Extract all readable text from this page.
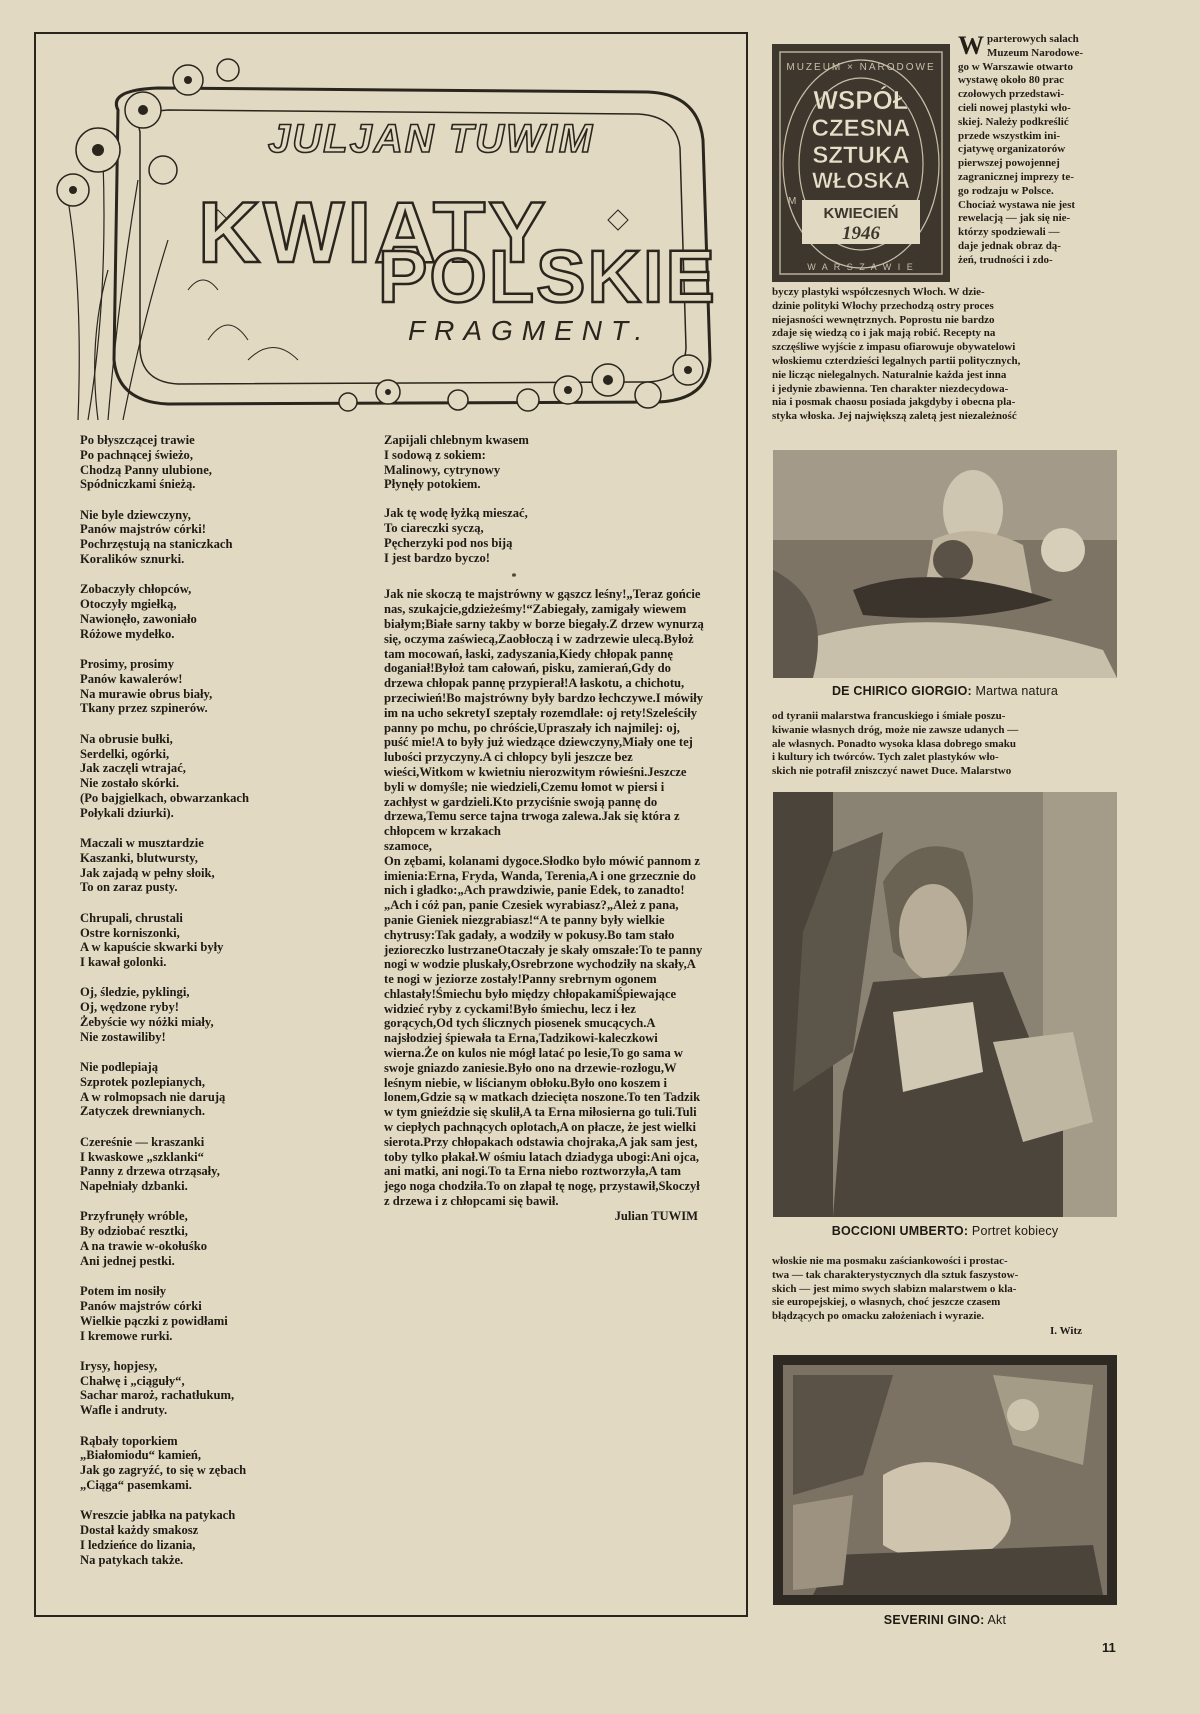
JULJAN TUWIM
KWIATY
POLSKIE
FRAGMENT.
Po błyszczącej trawie
Po pachnącej świeżo,
Chodzą Panny ulubione,
Spódniczkami śnieżą.
Nie byle dziewczyny,
Panów majstrów córki!
Pochrzęstują na staniczkach
Koralików sznurki.
Zobaczyły chłopców,
Otoczyły mgiełką,
Nawionęło, zawoniało
Różowe mydełko.
Prosimy, prosimy
Panów kawalerów!
Na murawie obrus biały,
Tkany przez szpinerów.
Na obrusie bułki,
Serdelki, ogórki,
Jak zaczęli wtrajać,
Nie zostało skórki.
(Po bajgielkach, obwarzankach
Połykali dziurki).
Maczali w musztardzie
Kaszanki, blutwursty,
Jak zajadą w pełny słoik,
To on zaraz pusty.
Chrupali, chrustali
Ostre korniszonki,
A w kapuście skwarki były
I kawał golonki.
Oj, śledzie, pyklingi,
Oj, wędzone ryby!
Żebyście wy nóżki miały,
Nie zostawiliby!
Nie podlepiają
Szprotek pozlepianych,
A w rolmopsach nie darują
Zatyczek drewnianych.
Czereśnie — kraszanki
I kwaskowe „szklanki“
Panny z drzewa otrząsały,
Napełniały dzbanki.
Przyfrunęły wróble,
By odziobać resztki,
A na trawie w-okołuśko
Ani jednej pestki.
Potem im nosiły
Panów majstrów córki
Wielkie pączki z powidłami
I kremowe rurki.
Irysy, hopjesy,
Chałwę i „ciąguły“,
Sachar maroż, rachatłukum,
Wafle i andruty.
Rąbały toporkiem
„Białomiodu“ kamień,
Jak go zagryźć, to się w zębach
„Ciąga“ pasemkami.
Wreszcie jabłka na patykach
Dostał każdy smakosz
I ledzieńce do lizania,
Na patykach także.
Zapijali chlebnym kwasem
I sodową z sokiem:
Malinowy, cytrynowy
Płynęły potokiem.
Jak tę wodę łyżką mieszać,
To ciareczki syczą,
Pęcherzyki pod nos biją
I jest bardzo byczo!
*
Jak nie skoczą te majstrówny w gąszcz leśny!„Teraz gońcie nas, szukajcie,gdzieżeśmy!“Zabiegały, zamigały wiewem białym;Białe sarny takby w borze biegały.Z drzew wynurzą się, oczyma zaświecą,Zaobłoczą i w zadrzewie ulecą.Byłoż tam mocowań, łaski, zadyszania,Kiedy chłopak pannę doganiał!Byłoż tam całowań, pisku, zamierań,Gdy do drzewa chłopak pannę przypierał!A łaskotu, a chichotu, przeciwień!Bo majstrówny były bardzo łechczywe.I mówiły im na ucho sekretyI szeptały rozemdlałe: oj rety!Szeleściły panny po mchu, po chróście,Upraszały ich najmilej: oj, puść mie!A to były już wiedzące dziewczyny,Miały one tej lubości przyczyny.A ci chłopcy byli jeszcze bez wieści,Witkom w kwietniu nierozwitym rówieśni.Jeszcze byli w domyśle; nie wiedzieli,Czemu łomot w piersi i zachłyst w gardzieli.Kto przyciśnie swoją pannę do drzewa,Temu serce tajna trwoga zalewa.Jak się która z chłopcem w krzakach
szamoce,
On zębami, kolanami dygoce.Słodko było mówić pannom z imienia:Erna, Fryda, Wanda, Terenia,A i one grzecznie do nich i gładko:„Ach prawdziwie, panie Edek, to zanadto!„Ach i cóż pan, panie Czesiek wyrabiasz?„Ależ z pana, panie Gieniek niezgrabiasz!“A te panny były wielkie chytrusy:Tak gadały, a wodziły w pokusy.Bo tam stało jezioreczko lustrzaneOtaczały je skały omszałe:To te panny nogi w wodzie pluskały,Osrebrzone wychodziły na skały,A te nogi w jeziorze zostały!Panny srebrnym ogonem chlastały!Śmiechu było między chłopakamiŚpiewające widzieć ryby z cyckami!Było śmiechu, lecz i łez gorących,Od tych ślicznych piosenek smucących.A najsłodziej śpiewała ta Erna,Tadzikowi-kaleczkowi wierna.Że on kulos nie mógł latać po lesie,To go sama w swoje gniazdo zaniesie.Było ono na drzewie-rozłogu,W leśnym niebie, w liścianym obłoku.Było ono koszem i lonem,Gdzie są w matkach dziecięta noszone.To ten Tadzik w tym gnieździe się skulił,A ta Erna miłosierna go tuli.Tuli w ciepłych pachnących oplotach,A on płacze, że jest wielki sierota.Przy chłopakach odstawia chojraka,A jak sam jest, toby tylko płakał.W ośmiu latach dziadyga ubogi:Ani ojca, ani matki, ani nogi.To ta Erna niebo roztworzyła,A tam jego noga chodziła.To on złapał tę nogę, przystawił,Skoczył z drzewa i z chłopcami się bawił.
Julian TUWIM
MUZEUM × NARODOWE
W A R S Z A W I E
M
WSPÓŁ
CZESNA
SZTUKA
WŁOSKA
KWIECIEŃ
1946
W parterowych salach
Muzeum Narodowe-
go w Warszawie otwarto
wystawę około 80 prac
czołowych przedstawi-
cieli nowej plastyki wło-
skiej. Należy podkreślić
przede wszystkim ini-
cjatywę organizatorów
pierwszej powojennej
zagranicznej imprezy te-
go rodzaju w Polsce.
Chociaż wystawa nie jest
rewelacją — jak się nie-
którzy spodziewali —
daje jednak obraz dą-
żeń, trudności i zdo-
byczy plastyki współczesnych Włoch. W dzie-
dzinie polityki Włochy przechodzą ostry proces
niejasności wewnętrznych. Poprostu nie bardzo
zdaje się wiedzą co i jak mają robić. Recepty na
szczęśliwe wyjście z impasu ofiarowuje obywatelowi
włoskiemu czterdzieści legalnych partii politycznych,
nie licząc nielegalnych. Naturalnie każda jest inna
i jedynie zbawienna. Ten charakter niezdecydowa-
nia i posmak chaosu posiada jakgdyby i obecna pla-
styka włoska. Jej największą zaletą jest niezależność
DE CHIRICO GIORGIO: Martwa natura
od tyranii malarstwa francuskiego i śmiałe poszu-
kiwanie własnych dróg, może nie zawsze udanych —
ale własnych. Ponadto wysoka klasa dobrego smaku
i kultury ich twórców. Tych zalet plastyków wło-
skich nie potrafił zniszczyć nawet Duce. Malarstwo
BOCCIONI UMBERTO: Portret kobiecy
włoskie nie ma posmaku zaściankowości i prostac-
twa — tak charakterystycznych dla sztuk faszystow-
skich — jest mimo swych słabizn malarstwem o kla-
sie europejskiej, o własnych, choć jeszcze czasem
błądzących po omacku założeniach i wyrazie.
I. Witz
SEVERINI GINO: Akt
11
